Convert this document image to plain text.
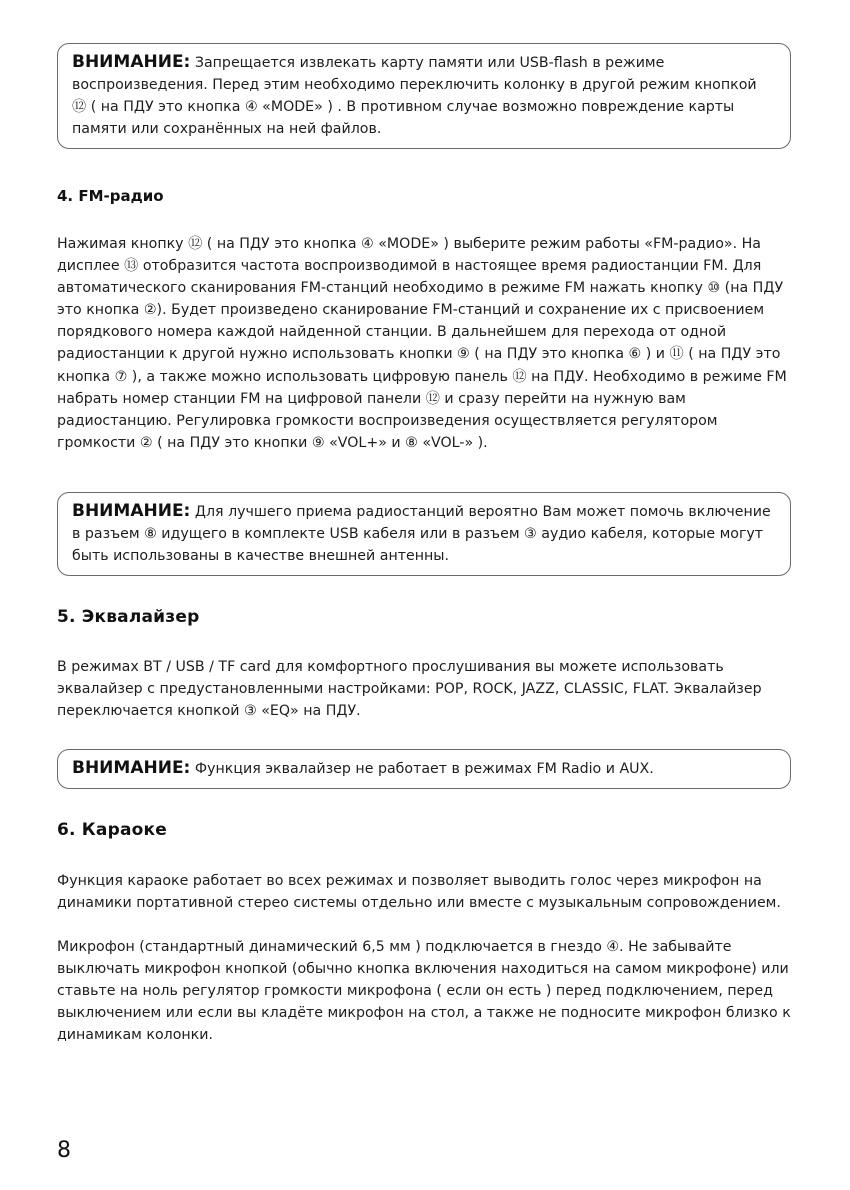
ВНИМАНИЕ: Запрещается извлекать карту памяти или USB-flash в режиме воспроизведения. Перед этим необходимо переключить колонку в другой режим кнопкой ⑫ ( на ПДУ это кнопка ④ «MODE» ) . В противном случае возможно повреждение карты памяти или сохранённых на ней файлов.
4. FM-радио

Нажимая кнопку ⑫ ( на ПДУ это кнопка ④ «MODE» ) выберите режим работы «FM-радио». На дисплее ⑬ отобразится частота воспроизводимой в настоящее время радиостанции FM. Для автоматического сканирования FM-станций необходимо в режиме FM нажать кнопку ⑩ (на ПДУ это кнопка ②). Будет произведено сканирование FM-станций и сохранение их с присвоением порядкового номера каждой найденной станции. В дальнейшем для перехода от одной радиостанции к другой нужно использовать кнопки ⑨ ( на ПДУ это кнопка ⑥ ) и ⑪ ( на ПДУ это кнопка ⑦ ), а также можно использовать цифровую панель ⑫ на ПДУ. Необходимо в режиме FM набрать номер станции FM на цифровой панели ⑫ и сразу перейти на нужную вам радиостанцию. Регулировка громкости воспроизведения осуществляется регулятором громкости ② ( на ПДУ это кнопки ⑨ «VOL+» и ⑧ «VOL-» ).

ВНИМАНИЕ: Для лучшего приема радиостанций вероятно Вам может помочь включение в разъем ⑧ идущего в комплекте USB кабеля или в разъем ③ аудио кабеля, которые могут быть использованы в качестве внешней антенны.
5. Эквалайзер

В режимах BT / USB / TF card для комфортного прослушивания вы можете использовать эквалайзер с предустановленными настройками: POP, ROCK, JAZZ, CLASSIC, FLAT. Эквалайзер переключается кнопкой ③ «EQ» на ПДУ.

ВНИМАНИЕ: Функция эквалайзер не работает в режимах FM Radio и AUX.
6. Караоке

Функция караоке работает во всех режимах и позволяет выводить голос через микрофон на динамики портативной стерео системы отдельно или вместе с музыкальным сопровождением.

Микрофон (стандартный динамический 6,5 мм ) подключается в гнездо ④. Не забывайте выключать микрофон кнопкой (обычно кнопка включения находиться на самом микрофоне) или ставьте на ноль регулятор громкости микрофона ( если он есть ) перед подключением, перед выключением или если вы кладёте микрофон на стол, а также не подносите микрофон близко к динамикам колонки.

8
